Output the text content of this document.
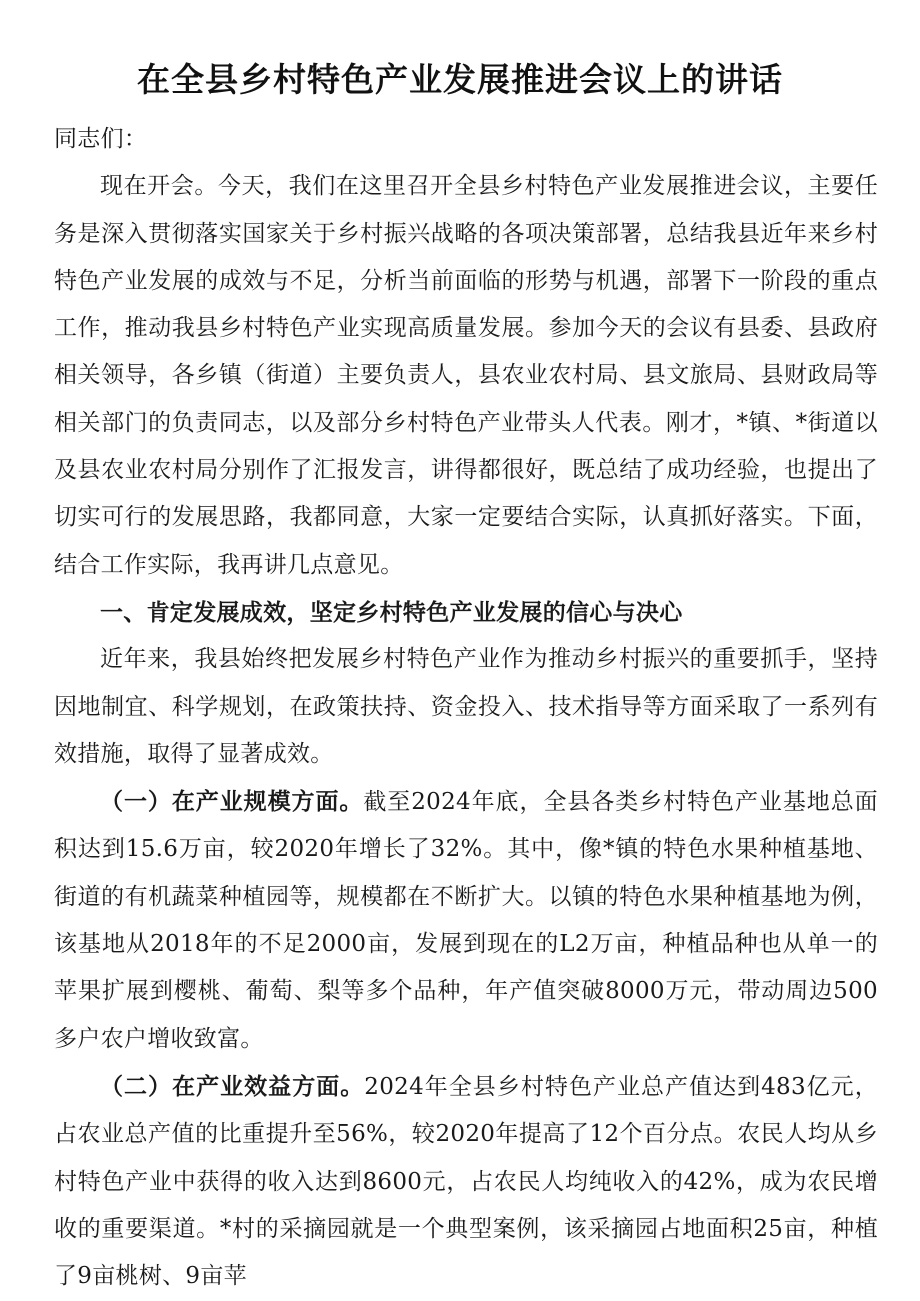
在全县乡村特色产业发展推进会议上的讲话

同志们：

现在开会。今天，我们在这里召开全县乡村特色产业发展推进会议，主要任务是深入贯彻落实国家关于乡村振兴战略的各项决策部署，总结我县近年来乡村特色产业发展的成效与不足，分析当前面临的形势与机遇，部署下一阶段的重点工作，推动我县乡村特色产业实现高质量发展。参加今天的会议有县委、县政府相关领导，各乡镇（街道）主要负责人，县农业农村局、县文旅局、县财政局等相关部门的负责同志，以及部分乡村特色产业带头人代表。刚才，*镇、*街道以及县农业农村局分别作了汇报发言，讲得都很好，既总结了成功经验，也提出了切实可行的发展思路，我都同意，大家一定要结合实际，认真抓好落实。下面，结合工作实际，我再讲几点意见。

一、肯定发展成效，坚定乡村特色产业发展的信心与决心

近年来，我县始终把发展乡村特色产业作为推动乡村振兴的重要抓手，坚持因地制宜、科学规划，在政策扶持、资金投入、技术指导等方面采取了一系列有效措施，取得了显著成效。

（一）在产业规模方面。截至2024年底，全县各类乡村特色产业基地总面积达到15.6万亩，较2020年增长了32%。其中，像*镇的特色水果种植基地、街道的有机蔬菜种植园等，规模都在不断扩大。以镇的特色水果种植基地为例，该基地从2018年的不足2000亩，发展到现在的L2万亩，种植品种也从单一的苹果扩展到樱桃、葡萄、梨等多个品种，年产值突破8000万元，带动周边500多户农户增收致富。

（二）在产业效益方面。2024年全县乡村特色产业总产值达到483亿元，占农业总产值的比重提升至56%，较2020年提高了12个百分点。农民人均从乡村特色产业中获得的收入达到8600元，占农民人均纯收入的42%，成为农民增收的重要渠道。*村的采摘园就是一个典型案例，该采摘园占地面积25亩，种植了9亩桃树、9亩苹
